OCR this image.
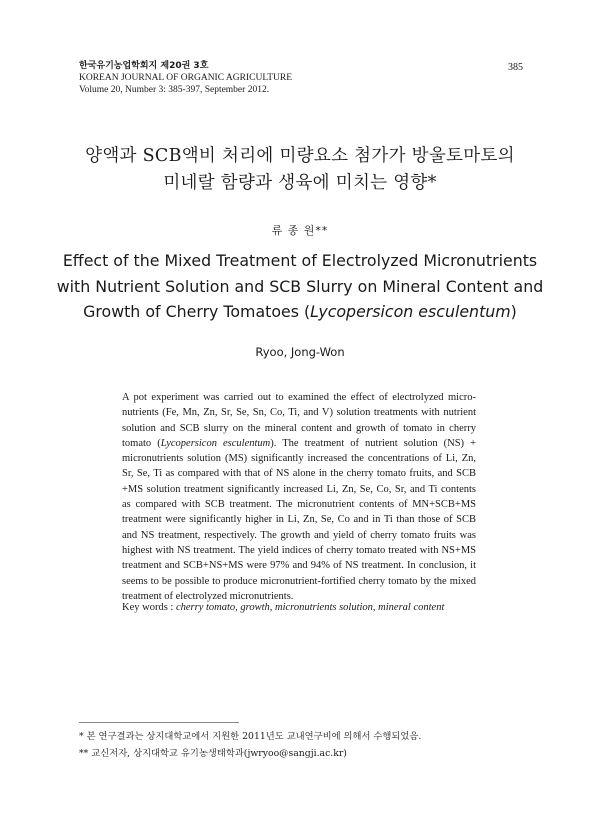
한국유기농업학회지 제20권 3호
KOREAN JOURNAL OF ORGANIC AGRICULTURE
Volume 20, Number 3: 385-397, September 2012.
385
양액과 SCB액비 처리에 미량요소 첨가가 방울토마토의
미네랄 함량과 생육에 미치는 영향*
류 종 원**
Effect of the Mixed Treatment of Electrolyzed Micronutrients
with Nutrient Solution and SCB Slurry on Mineral Content and
Growth of Cherry Tomatoes (Lycopersicon esculentum)
Ryoo, Jong-Won
A pot experiment was carried out to examined the effect of electrolyzed micro-nutrients (Fe, Mn, Zn, Sr, Se, Sn, Co, Ti, and V) solution treatments with nutrient solution and SCB slurry on the mineral content and growth of tomato in cherry tomato (Lycopersicon esculentum). The treatment of nutrient solution (NS) + micronutrients solution (MS) significantly increased the concentrations of Li, Zn, Sr, Se, Ti as compared with that of NS alone in the cherry tomato fruits, and SCB +MS solution treatment significantly increased Li, Zn, Se, Co, Sr, and Ti contents as compared with SCB treatment. The micronutrient contents of MN+SCB+MS treatment were significantly higher in Li, Zn, Se, Co and in Ti than those of SCB and NS treatment, respectively. The growth and yield of cherry tomato fruits was highest with NS treatment. The yield indices of cherry tomato treated with NS+MS treatment and SCB+NS+MS were 97% and 94% of NS treatment. In conclusion, it seems to be possible to produce micronutrient-fortified cherry tomato by the mixed treatment of electrolyzed micronutrients.
Key words : cherry tomato, growth, micronutrients solution, mineral content
* 본 연구결과는 상지대학교에서 지원한 2011년도 교내연구비에 의해서 수행되었음.
** 교신저자, 상지대학교 유기농생태학과(jwryoo@sangji.ac.kr)
